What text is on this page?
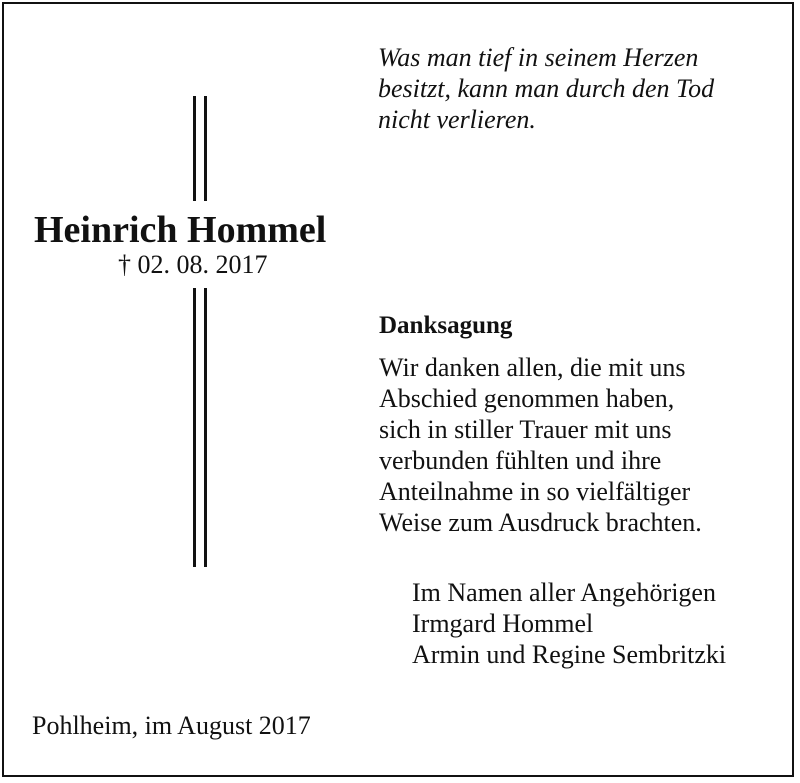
Was man tief in seinem Herzen
besitzt, kann man durch den Tod
nicht verlieren.
Heinrich Hommel
† 02. 08. 2017
Danksagung
Wir danken allen, die mit uns
Abschied genommen haben,
sich in stiller Trauer mit uns
verbunden fühlten und ihre
Anteilnahme in so vielfältiger
Weise zum Ausdruck brachten.
Im Namen aller Angehörigen
Irmgard Hommel
Armin und Regine Sembritzki
Pohlheim, im August 2017
